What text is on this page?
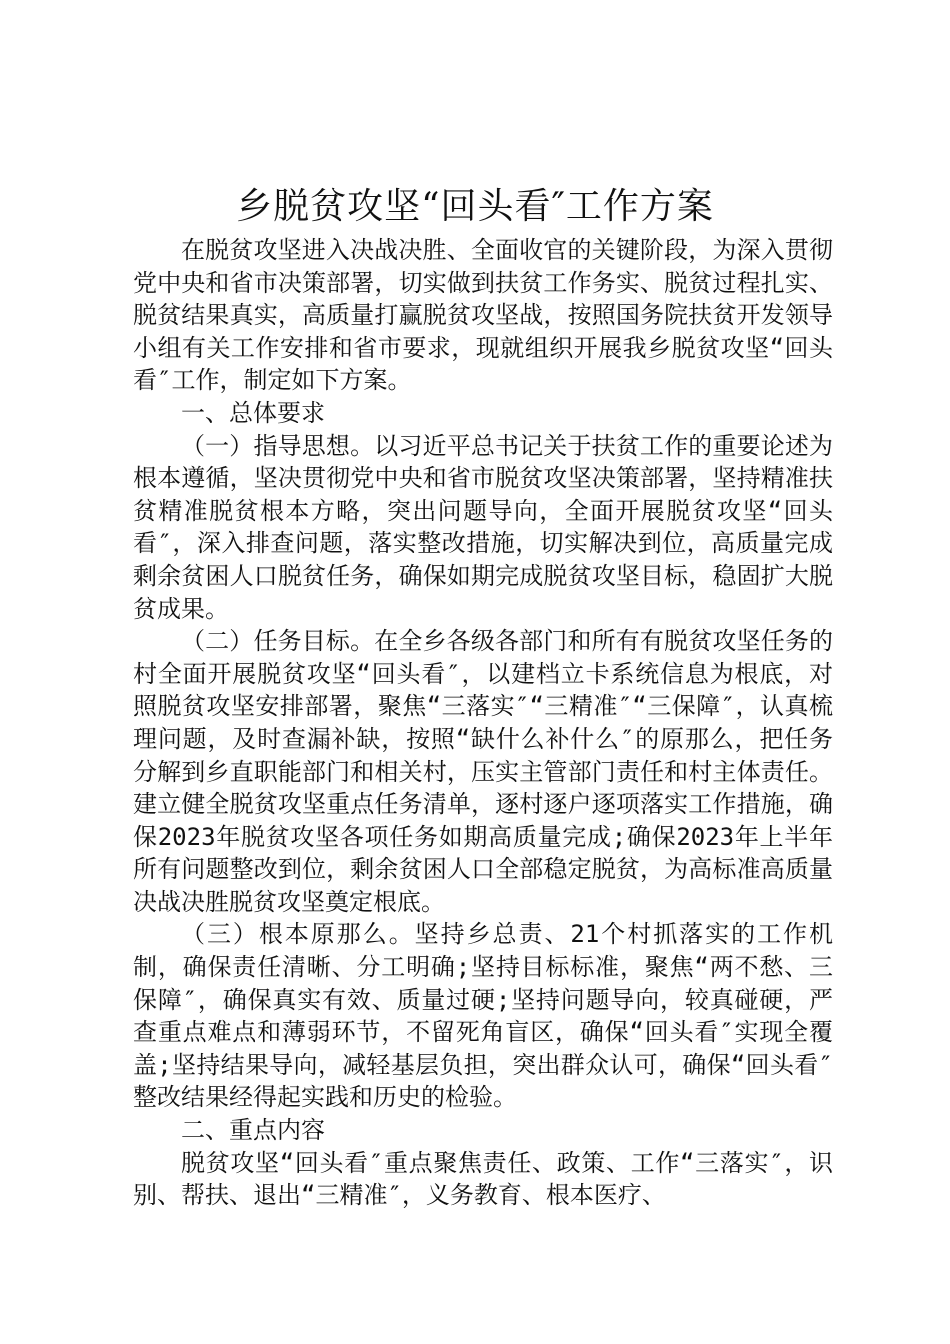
乡脱贫攻坚“回头看″工作方案

在脱贫攻坚进入决战决胜、全面收官的关键阶段，为深入贯彻党中央和省市决策部署，切实做到扶贫工作务实、脱贫过程扎实、脱贫结果真实，高质量打赢脱贫攻坚战，按照国务院扶贫开发领导小组有关工作安排和省市要求，现就组织开展我乡脱贫攻坚“回头看″工作，制定如下方案。

一、总体要求

（一）指导思想。以习近平总书记关于扶贫工作的重要论述为根本遵循，坚决贯彻党中央和省市脱贫攻坚决策部署，坚持精准扶贫精准脱贫根本方略，突出问题导向，全面开展脱贫攻坚“回头看″，深入排查问题，落实整改措施，切实解决到位，高质量完成剩余贫困人口脱贫任务，确保如期完成脱贫攻坚目标，稳固扩大脱贫成果。

（二）任务目标。在全乡各级各部门和所有有脱贫攻坚任务的村全面开展脱贫攻坚“回头看″，以建档立卡系统信息为根底，对照脱贫攻坚安排部署，聚焦“三落实″“三精准″“三保障″，认真梳理问题，及时查漏补缺，按照“缺什么补什么″的原那么，把任务分解到乡直职能部门和相关村，压实主管部门责任和村主体责任。建立健全脱贫攻坚重点任务清单，逐村逐户逐项落实工作措施，确保2023年脱贫攻坚各项任务如期高质量完成;确保2023年上半年所有问题整改到位，剩余贫困人口全部稳定脱贫，为高标准高质量决战决胜脱贫攻坚奠定根底。

（三）根本原那么。坚持乡总责、21个村抓落实的工作机制，确保责任清晰、分工明确;坚持目标标准，聚焦“两不愁、三保障″，确保真实有效、质量过硬;坚持问题导向，较真碰硬，严查重点难点和薄弱环节，不留死角盲区，确保“回头看″实现全覆盖;坚持结果导向，减轻基层负担，突出群众认可，确保“回头看″整改结果经得起实践和历史的检验。

二、重点内容

脱贫攻坚“回头看″重点聚焦责任、政策、工作“三落实″，识别、帮扶、退出“三精准″，义务教育、根本医疗、
